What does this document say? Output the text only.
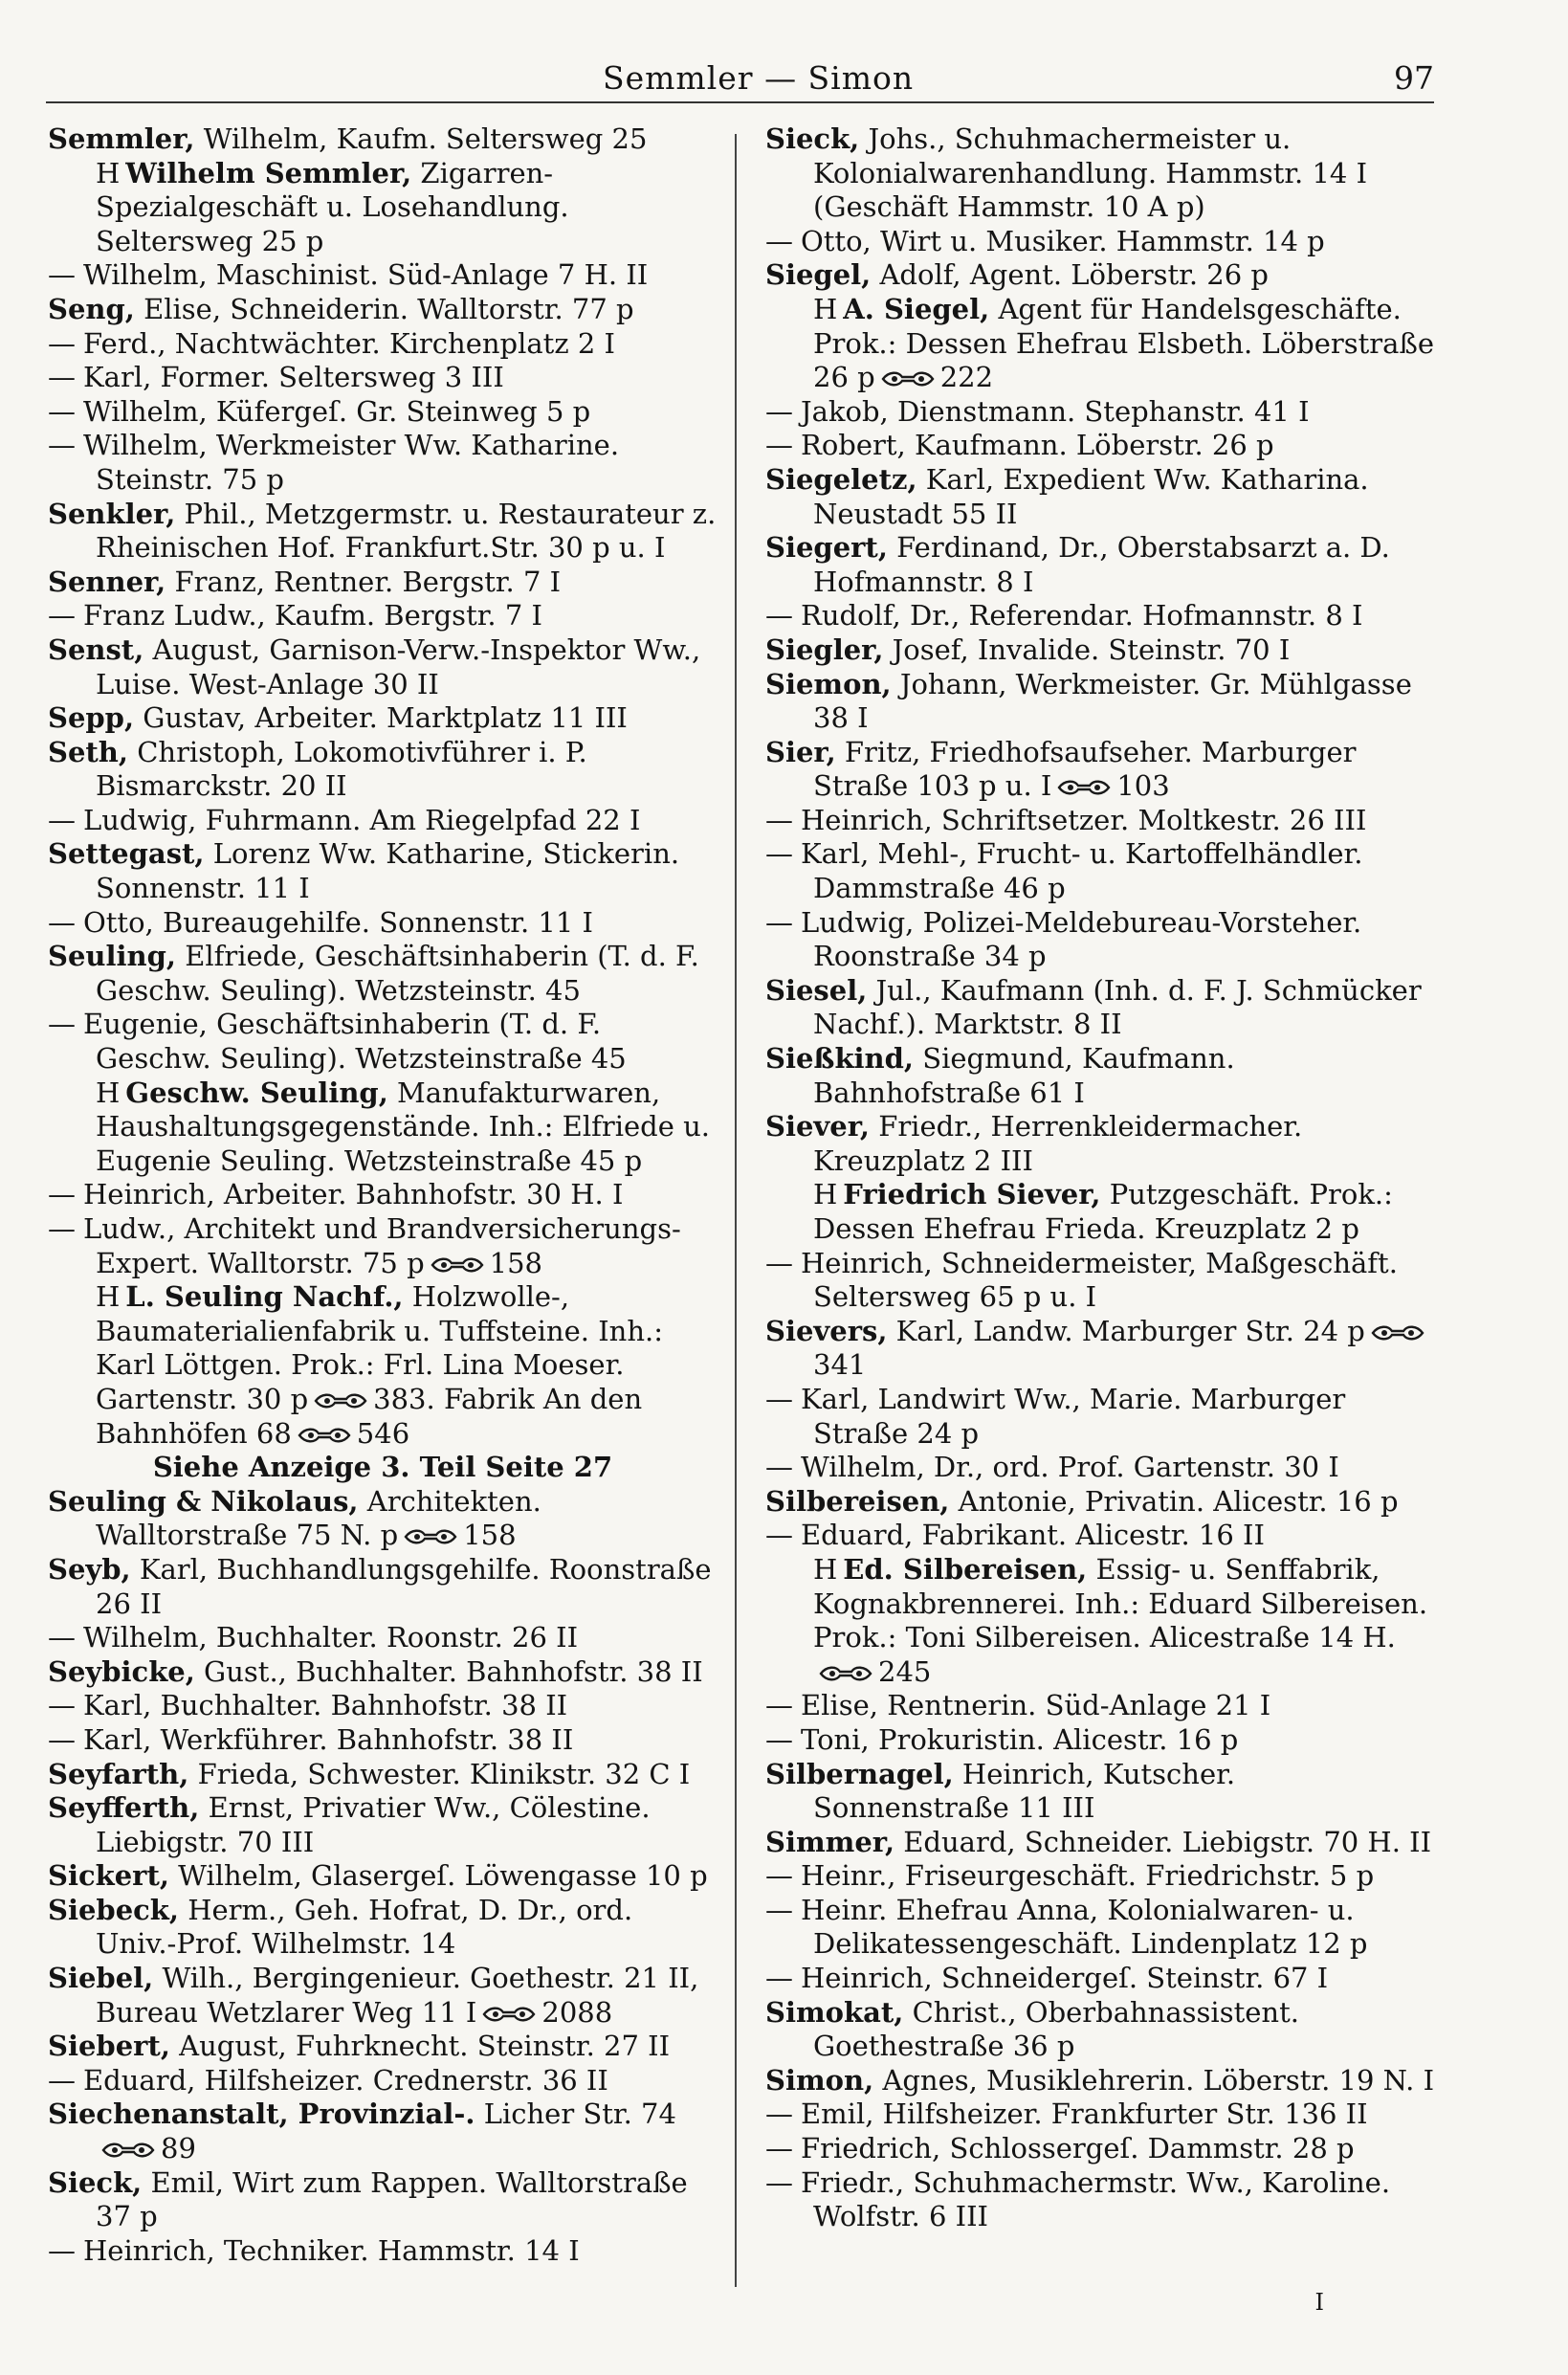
Semmler — Simon	97

Semmler, Wilhelm, Kaufm. Seltersweg 25

H Wilhelm Semmler, Zigarren-Spezialgeschäft u. Losehandlung. Seltersweg 25 p

— Wilhelm, Maschinist. Süd-Anlage 7 H. II

Seng, Elise, Schneiderin. Walltorstr. 77 p

— Ferd., Nachtwächter. Kirchenplatz 2 I

— Karl, Former. Seltersweg 3 III

— Wilhelm, Küfergeſ. Gr. Steinweg 5 p

— Wilhelm, Werkmeister Ww. Katharine. Steinstr. 75 p

Senkler, Phil., Metzgermstr. u. Restaurateur z. Rheinischen Hof. Frankfurt.Str. 30 p u. I

Senner, Franz, Rentner. Bergstr. 7 I

— Franz Ludw., Kaufm. Bergstr. 7 I

Senst, August, Garnison-Verw.-Inspektor Ww., Luise. West-Anlage 30 II

Sepp, Gustav, Arbeiter. Marktplatz 11 III

Seth, Christoph, Lokomotivführer i. P. Bismarckstr. 20 II

— Ludwig, Fuhrmann. Am Riegelpfad 22 I

Settegast, Lorenz Ww. Katharine, Stickerin. Sonnenstr. 11 I

— Otto, Bureaugehilfe. Sonnenstr. 11 I

Seuling, Elfriede, Geschäftsinhaberin (T. d. F. Geschw. Seuling). Wetzsteinstr. 45

— Eugenie, Geschäftsinhaberin (T. d. F. Geschw. Seuling). Wetzsteinstraße 45

H Geschw. Seuling, Manufakturwaren, Haushaltungsgegenstände. Inh.: Elfriede u. Eugenie Seuling. Wetzsteinstraße 45 p

— Heinrich, Arbeiter. Bahnhofstr. 30 H. I

— Ludw., Architekt und Brandversicherungs-Expert. Walltorstr. 75 p 158

H L. Seuling Nachf., Holzwolle-, Baumaterialienfabrik u. Tuffsteine. Inh.: Karl Löttgen. Prok.: Frl. Lina Moeser. Gartenstr. 30 p 383. Fabrik An den Bahnhöfen 68 546

Siehe Anzeige 3. Teil Seite 27

Seuling & Nikolaus, Architekten. Walltorstraße 75 N. p 158

Seyb, Karl, Buchhandlungsgehilfe. Roonstraße 26 II

— Wilhelm, Buchhalter. Roonstr. 26 II

Seybicke, Gust., Buchhalter. Bahnhofstr. 38 II

— Karl, Buchhalter. Bahnhofstr. 38 II

— Karl, Werkführer. Bahnhofstr. 38 II

Seyfarth, Frieda, Schwester. Klinikstr. 32 C I

Seyfferth, Ernst, Privatier Ww., Cölestine. Liebigstr. 70 III

Sickert, Wilhelm, Glasergeſ. Löwengasse 10 p

Siebeck, Herm., Geh. Hofrat, D. Dr., ord. Univ.-Prof. Wilhelmstr. 14

Siebel, Wilh., Bergingenieur. Goethestr. 21 II, Bureau Wetzlarer Weg 11 I 2088

Siebert, August, Fuhrknecht. Steinstr. 27 II

— Eduard, Hilfsheizer. Crednerstr. 36 II

Siechenanstalt, Provinzial-. Licher Str. 74
89

Sieck, Emil, Wirt zum Rappen. Walltorstraße 37 p

— Heinrich, Techniker. Hammstr. 14 I

Sieck, Johs., Schuhmachermeister u. Kolonialwarenhandlung. Hammstr. 14 I (Geschäft Hammstr. 10 A p)

— Otto, Wirt u. Musiker. Hammstr. 14 p

Siegel, Adolf, Agent. Löberstr. 26 p

H A. Siegel, Agent für Handelsgeschäfte. Prok.: Dessen Ehefrau Elsbeth. Löberstraße 26 p 222

— Jakob, Dienstmann. Stephanstr. 41 I

— Robert, Kaufmann. Löberstr. 26 p

Siegeletz, Karl, Expedient Ww. Katharina. Neustadt 55 II

Siegert, Ferdinand, Dr., Oberstabsarzt a. D. Hofmannstr. 8 I

— Rudolf, Dr., Referendar. Hofmannstr. 8 I

Siegler, Josef, Invalide. Steinstr. 70 I

Siemon, Johann, Werkmeister. Gr. Mühlgasse 38 I

Sier, Fritz, Friedhofsaufseher. Marburger Straße 103 p u. I 103

— Heinrich, Schriftsetzer. Moltkestr. 26 III

— Karl, Mehl-, Frucht- u. Kartoffelhändler. Dammstraße 46 p

— Ludwig, Polizei-Meldebureau-Vorsteher. Roonstraße 34 p

Siesel, Jul., Kaufmann (Inh. d. F. J. Schmücker Nachf.). Marktstr. 8 II

Sießkind, Siegmund, Kaufmann. Bahnhofstraße 61 I

Siever, Friedr., Herrenkleidermacher. Kreuzplatz 2 III

H Friedrich Siever, Putzgeschäft. Prok.: Dessen Ehefrau Frieda. Kreuzplatz 2 p

— Heinrich, Schneidermeister, Maßgeschäft. Seltersweg 65 p u. I

Sievers, Karl, Landw. Marburger Str. 24 p
341

— Karl, Landwirt Ww., Marie. Marburger Straße 24 p

— Wilhelm, Dr., ord. Prof. Gartenstr. 30 I

Silbereisen, Antonie, Privatin. Alicestr. 16 p

— Eduard, Fabrikant. Alicestr. 16 II

H Ed. Silbereisen, Essig- u. Senffabrik, Kognakbrennerei. Inh.: Eduard Silbereisen. Prok.: Toni Silbereisen. Alicestraße 14 H.
245

— Elise, Rentnerin. Süd-Anlage 21 I

— Toni, Prokuristin. Alicestr. 16 p

Silbernagel, Heinrich, Kutscher. Sonnenstraße 11 III

Simmer, Eduard, Schneider. Liebigstr. 70 H. II

— Heinr., Friseurgeschäft. Friedrichstr. 5 p

— Heinr. Ehefrau Anna, Kolonialwaren- u. Delikatessengeschäft. Lindenplatz 12 p

— Heinrich, Schneidergeſ. Steinstr. 67 I

Simokat, Christ., Oberbahnassistent. Goethestraße 36 p

Simon, Agnes, Musiklehrerin. Löberstr. 19 N. I

— Emil, Hilfsheizer. Frankfurter Str. 136 II

— Friedrich, Schlossergeſ. Dammstr. 28 p

— Friedr., Schuhmachermstr. Ww., Karoline. Wolfstr. 6 III

I
